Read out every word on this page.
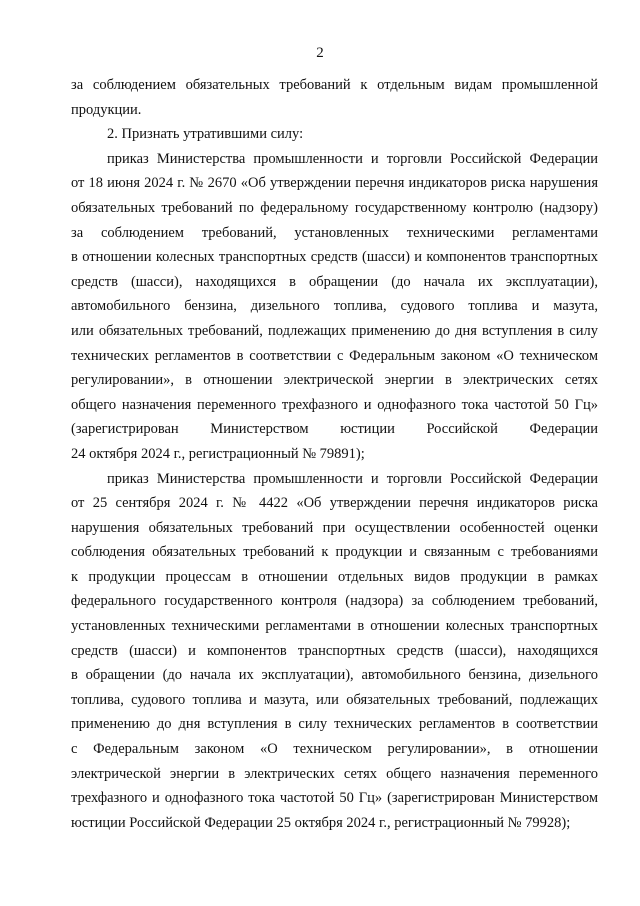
2

за соблюдением обязательных требований к отдельным видам промышленной
продукции.

2. Признать утратившими силу:

приказ Министерства промышленности и торговли Российской Федерации
от 18 июня 2024 г. № 2670 «Об утверждении перечня индикаторов риска нарушения
обязательных требований по федеральному государственному контролю (надзору)
за соблюдением требований, установленных техническими регламентами
в отношении колесных транспортных средств (шасси) и компонентов транспортных
средств (шасси), находящихся в обращении (до начала их эксплуатации),
автомобильного бензина, дизельного топлива, судового топлива и мазута,
или обязательных требований, подлежащих применению до дня вступления в силу
технических регламентов в соответствии с Федеральным законом «О техническом
регулировании», в отношении электрической энергии в электрических сетях
общего назначения переменного трехфазного и однофазного тока частотой 50 Гц»
(зарегистрирован Министерством юстиции Российской Федерации
24 октября 2024 г., регистрационный № 79891);

приказ Министерства промышленности и торговли Российской Федерации
от 25 сентября 2024 г. № 4422 «Об утверждении перечня индикаторов риска
нарушения обязательных требований при осуществлении особенностей оценки
соблюдения обязательных требований к продукции и связанным с требованиями
к продукции процессам в отношении отдельных видов продукции в рамках
федерального государственного контроля (надзора) за соблюдением требований,
установленных техническими регламентами в отношении колесных транспортных
средств (шасси) и компонентов транспортных средств (шасси), находящихся
в обращении (до начала их эксплуатации), автомобильного бензина, дизельного
топлива, судового топлива и мазута, или обязательных требований, подлежащих
применению до дня вступления в силу технических регламентов в соответствии
с Федеральным законом «О техническом регулировании», в отношении
электрической энергии в электрических сетях общего назначения переменного
трехфазного и однофазного тока частотой 50 Гц» (зарегистрирован Министерством
юстиции Российской Федерации 25 октября 2024 г., регистрационный № 79928);
